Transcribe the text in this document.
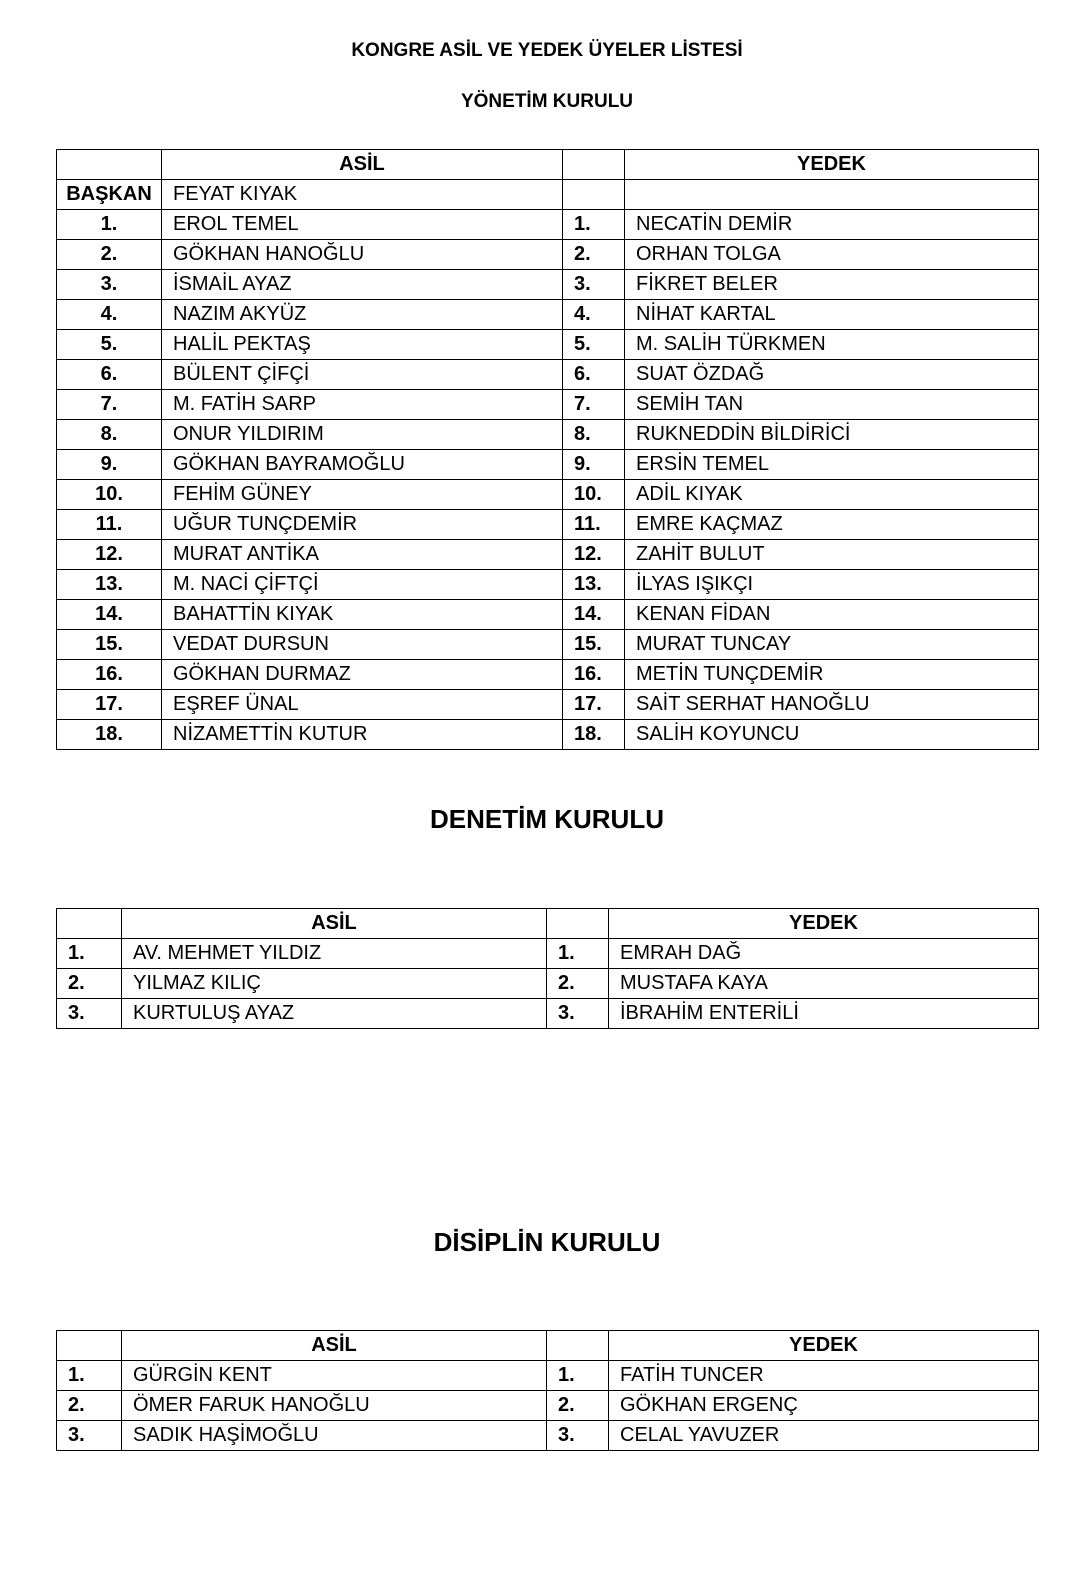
KONGRE ASİL VE YEDEK ÜYELER LİSTESİ
YÖNETİM KURULU
	ASİL		YEDEK
BAŞKAN	FEYAT KIYAK		
1.	EROL TEMEL	1.	NECATİN DEMİR
2.	GÖKHAN HANOĞLU	2.	ORHAN TOLGA
3.	İSMAİL AYAZ	3.	FİKRET BELER
4.	NAZIM AKYÜZ	4.	NİHAT KARTAL
5.	HALİL PEKTAŞ	5.	M. SALİH TÜRKMEN
6.	BÜLENT ÇİFÇİ	6.	SUAT ÖZDAĞ
7.	M. FATİH SARP	7.	SEMİH TAN
8.	ONUR YILDIRIM	8.	RUKNEDDİN BİLDİRİCİ
9.	GÖKHAN BAYRAMOĞLU	9.	ERSİN TEMEL
10.	FEHİM GÜNEY	10.	ADİL KIYAK
11.	UĞUR TUNÇDEMİR	11.	EMRE KAÇMAZ
12.	MURAT ANTİKA	12.	ZAHİT BULUT
13.	M. NACİ ÇİFTÇİ	13.	İLYAS IŞIKÇI
14.	BAHATTİN KIYAK	14.	KENAN FİDAN
15.	VEDAT DURSUN	15.	MURAT TUNCAY
16.	GÖKHAN DURMAZ	16.	METİN TUNÇDEMİR
17.	EŞREF ÜNAL	17.	SAİT SERHAT HANOĞLU
18.	NİZAMETTİN KUTUR	18.	SALİH KOYUNCU
DENETİM KURULU
	ASİL		YEDEK
1.	AV. MEHMET YILDIZ	1.	EMRAH DAĞ
2.	YILMAZ KILIÇ	2.	MUSTAFA KAYA
3.	KURTULUŞ AYAZ	3.	İBRAHİM ENTERİLİ
DİSİPLİN KURULU
	ASİL		YEDEK
1.	GÜRGİN KENT	1.	FATİH TUNCER
2.	ÖMER FARUK HANOĞLU	2.	GÖKHAN ERGENÇ
3.	SADIK HAŞİMOĞLU	3.	CELAL YAVUZER
